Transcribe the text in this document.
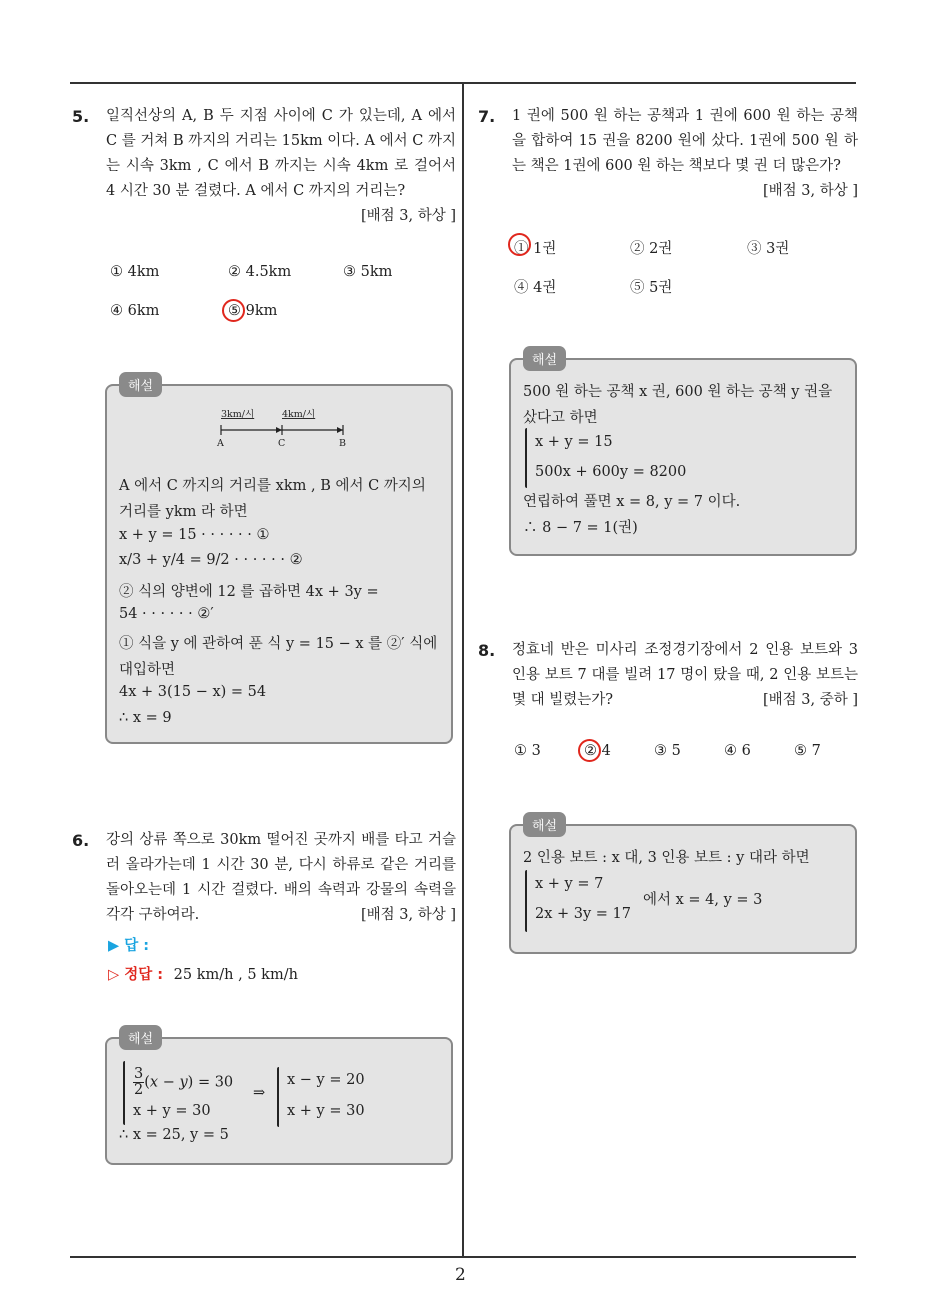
2
5. 일직선상의 A, B 두 지점 사이에 C 가 있는데, A 에서 C 를 거쳐 B 까지의 거리는 15km 이다. A 에서 C 까지는 시속 3km , C 에서 B 까지는 시속 4km 로 걸어서 4 시간 30 분 걸렸다. A 에서 C 까지의 거리는?
[배점 3, 하상 ]
① 4km	② 4.5km	③ 5km
④ 6km	⑤ 9km
해설
3km/시	4km/시
A	C	B
A 에서 C 까지의 거리를 xkm , B 에서 C 까지의
거리를 ykm 라 하면
x + y = 15 · · · · · · ①
x/3 + y/4 = 9/2 · · · · · · ②
② 식의 양변에 12 를 곱하면 4x + 3y =
54 · · · · · · ②′
① 식을 y 에 관하여 푼 식 y = 15 − x 를 ②′ 식에
대입하면
4x + 3(15 − x) = 54
∴ x = 9
6. 강의 상류 쪽으로 30km 떨어진 곳까지 배를 타고 거슬러 올라가는데 1 시간 30 분, 다시 하류로 같은 거리를 돌아오는데 1 시간 걸렸다. 배의 속력과 강물의 속력을 각각 구하여라.	[배점 3, 하상 ]
▶ 답 :
▷ 정답 : 25 km/h , 5 km/h
해설
$\frac{3}{2} (x - y) = 30$
x + y = 30
⇒
x − y = 20
x + y = 30
∴ x = 25, y = 5
7. 1 권에 500 원 하는 공책과 1 권에 600 원 하는 공책을 합하여 15 권을 8200 원에 샀다. 1권에 500 원 하는 책은 1권에 600 원 하는 책보다 몇 권 더 많은가?
[배점 3, 하상 ]
① 1권	② 2권	③ 3권
④ 4권	⑤ 5권
해설
500 원 하는 공책 x 권, 600 원 하는 공책 y 권을
샀다고 하면
x + y = 15
500x + 600y = 8200
연립하여 풀면 x = 8, y = 7 이다.
∴ 8 − 7 = 1(권)
8. 정효네 반은 미사리 조정경기장에서 2 인용 보트와 3 인용 보트 7 대를 빌려 17 명이 탔을 때, 2 인용 보트는 몇 대 빌렸는가?	[배점 3, 중하 ]
① 3	② 4	③ 5	④ 6	⑤ 7
해설
2 인용 보트 : x 대, 3 인용 보트 : y 대라 하면
x + y = 7
2x + 3y = 17
에서 x = 4, y = 3
